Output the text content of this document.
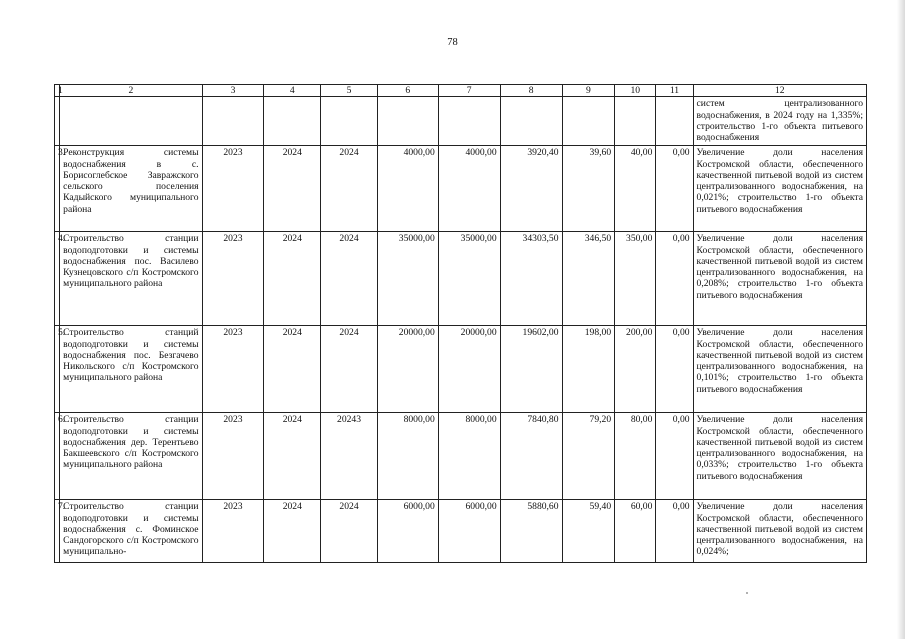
78
1	2	3	4	5	6	7	8	9	10	11	12
											систем централизованного водоснабжения, в 2024 году на 1,335%; строительство 1-го объекта питьевого водоснабжения
3.	Реконструкция системы водоснабжения в с. Борисоглебское Завражского сельского поселения Кадыйского муниципального района	2023	2024	2024	4000,00	4000,00	3920,40	39,60	40,00	0,00	Увеличение доли населения Костромской области, обеспеченного качественной питьевой водой из систем централизованного водоснабжения, на 0,021%; строительство 1-го объекта питьевого водоснабжения
4.	Строительство станции водоподготовки и системы водоснабжения пос. Василево Кузнецовского с/п Костромского муниципального района	2023	2024	2024	35000,00	35000,00	34303,50	346,50	350,00	0,00	Увеличение доли населения Костромской области, обеспеченного качественной питьевой водой из систем централизованного водоснабжения, на 0,208%; строительство 1-го объекта питьевого водоснабжения
5.	Строительство станций водоподготовки и системы водоснабжения пос. Безгачево Никольского с/п Костромского муниципального района	2023	2024	2024	20000,00	20000,00	19602,00	198,00	200,00	0,00	Увеличение доли населения Костромской области, обеспеченного качественной питьевой водой из систем централизованного водоснабжения, на 0,101%; строительство 1-го объекта питьевого водоснабжения
6.	Строительство станции водоподготовки и системы водоснабжения дер. Терентьево Бакшеевского с/п Костромского муниципального района	2023	2024	20243	8000,00	8000,00	7840,80	79,20	80,00	0,00	Увеличение доли населения Костромской области, обеспеченного качественной питьевой водой из систем централизованного водоснабжения, на 0,033%; строительство 1-го объекта питьевого водоснабжения
7.	Строительство станции водоподготовки и системы водоснабжения с. Фоминское Сандогорского с/п Костромского муниципально-	2023	2024	2024	6000,00	6000,00	5880,60	59,40	60,00	0,00	Увеличение доли населения Костромской области, обеспеченного качественной питьевой водой из систем централизованного водоснабжения, на 0,024%;
